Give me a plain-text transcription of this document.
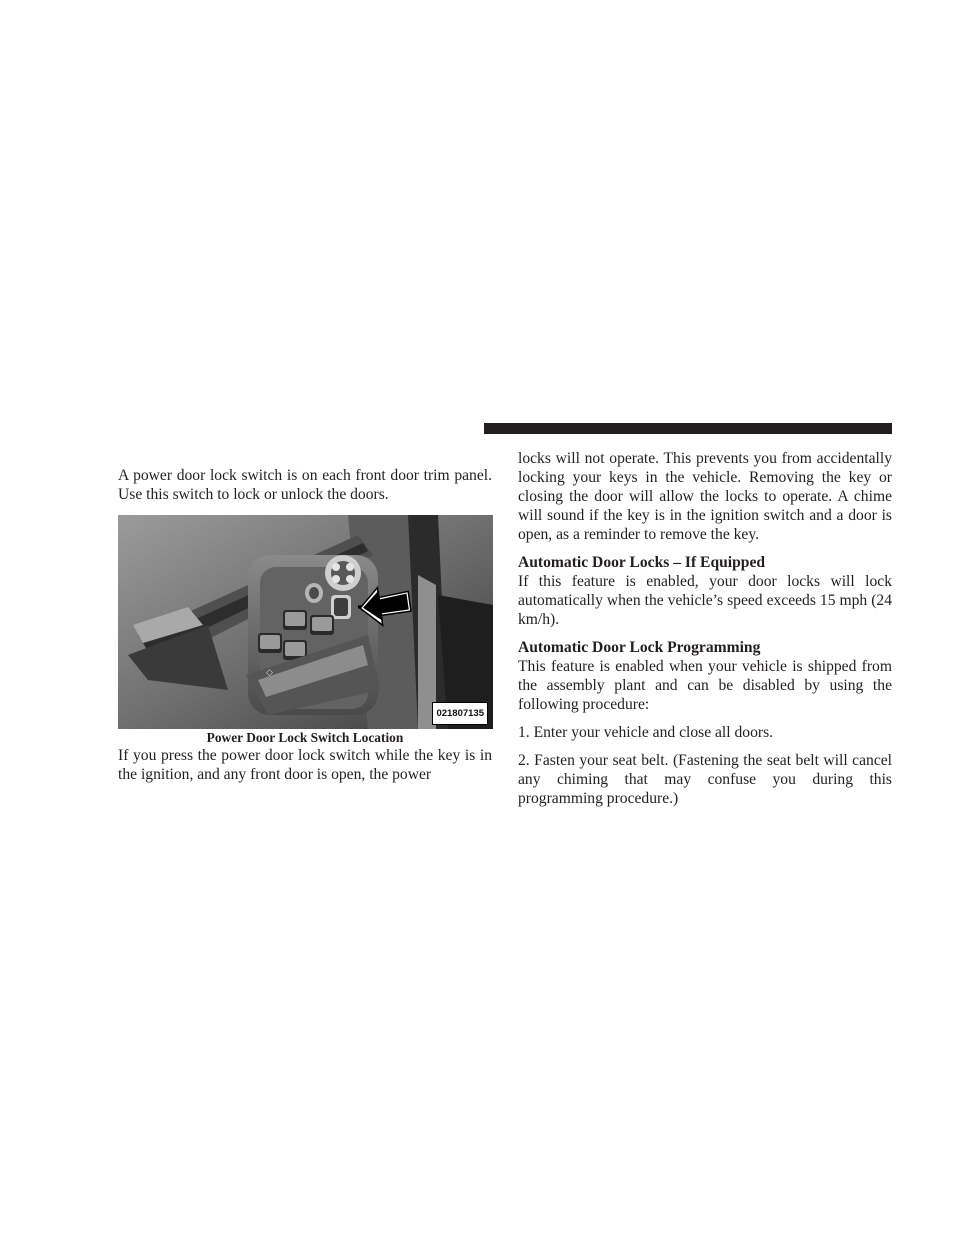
A power door lock switch is on each front door trim panel. Use this switch to lock or unlock the doors.

◇
021807135

Power Door Lock Switch Location

If you press the power door lock switch while the key is in the ignition, and any front door is open, the power

locks will not operate. This prevents you from accidentally locking your keys in the vehicle. Removing the key or closing the door will allow the locks to operate. A chime will sound if the key is in the ignition switch and a door is open, as a reminder to remove the key.

Automatic Door Locks – If Equipped

If this feature is enabled, your door locks will lock automatically when the vehicle’s speed exceeds 15 mph (24 km/h).

Automatic Door Lock Programming

This feature is enabled when your vehicle is shipped from the assembly plant and can be disabled by using the following procedure:

1. Enter your vehicle and close all doors.

2. Fasten your seat belt. (Fastening the seat belt will cancel any chiming that may confuse you during this programming procedure.)
